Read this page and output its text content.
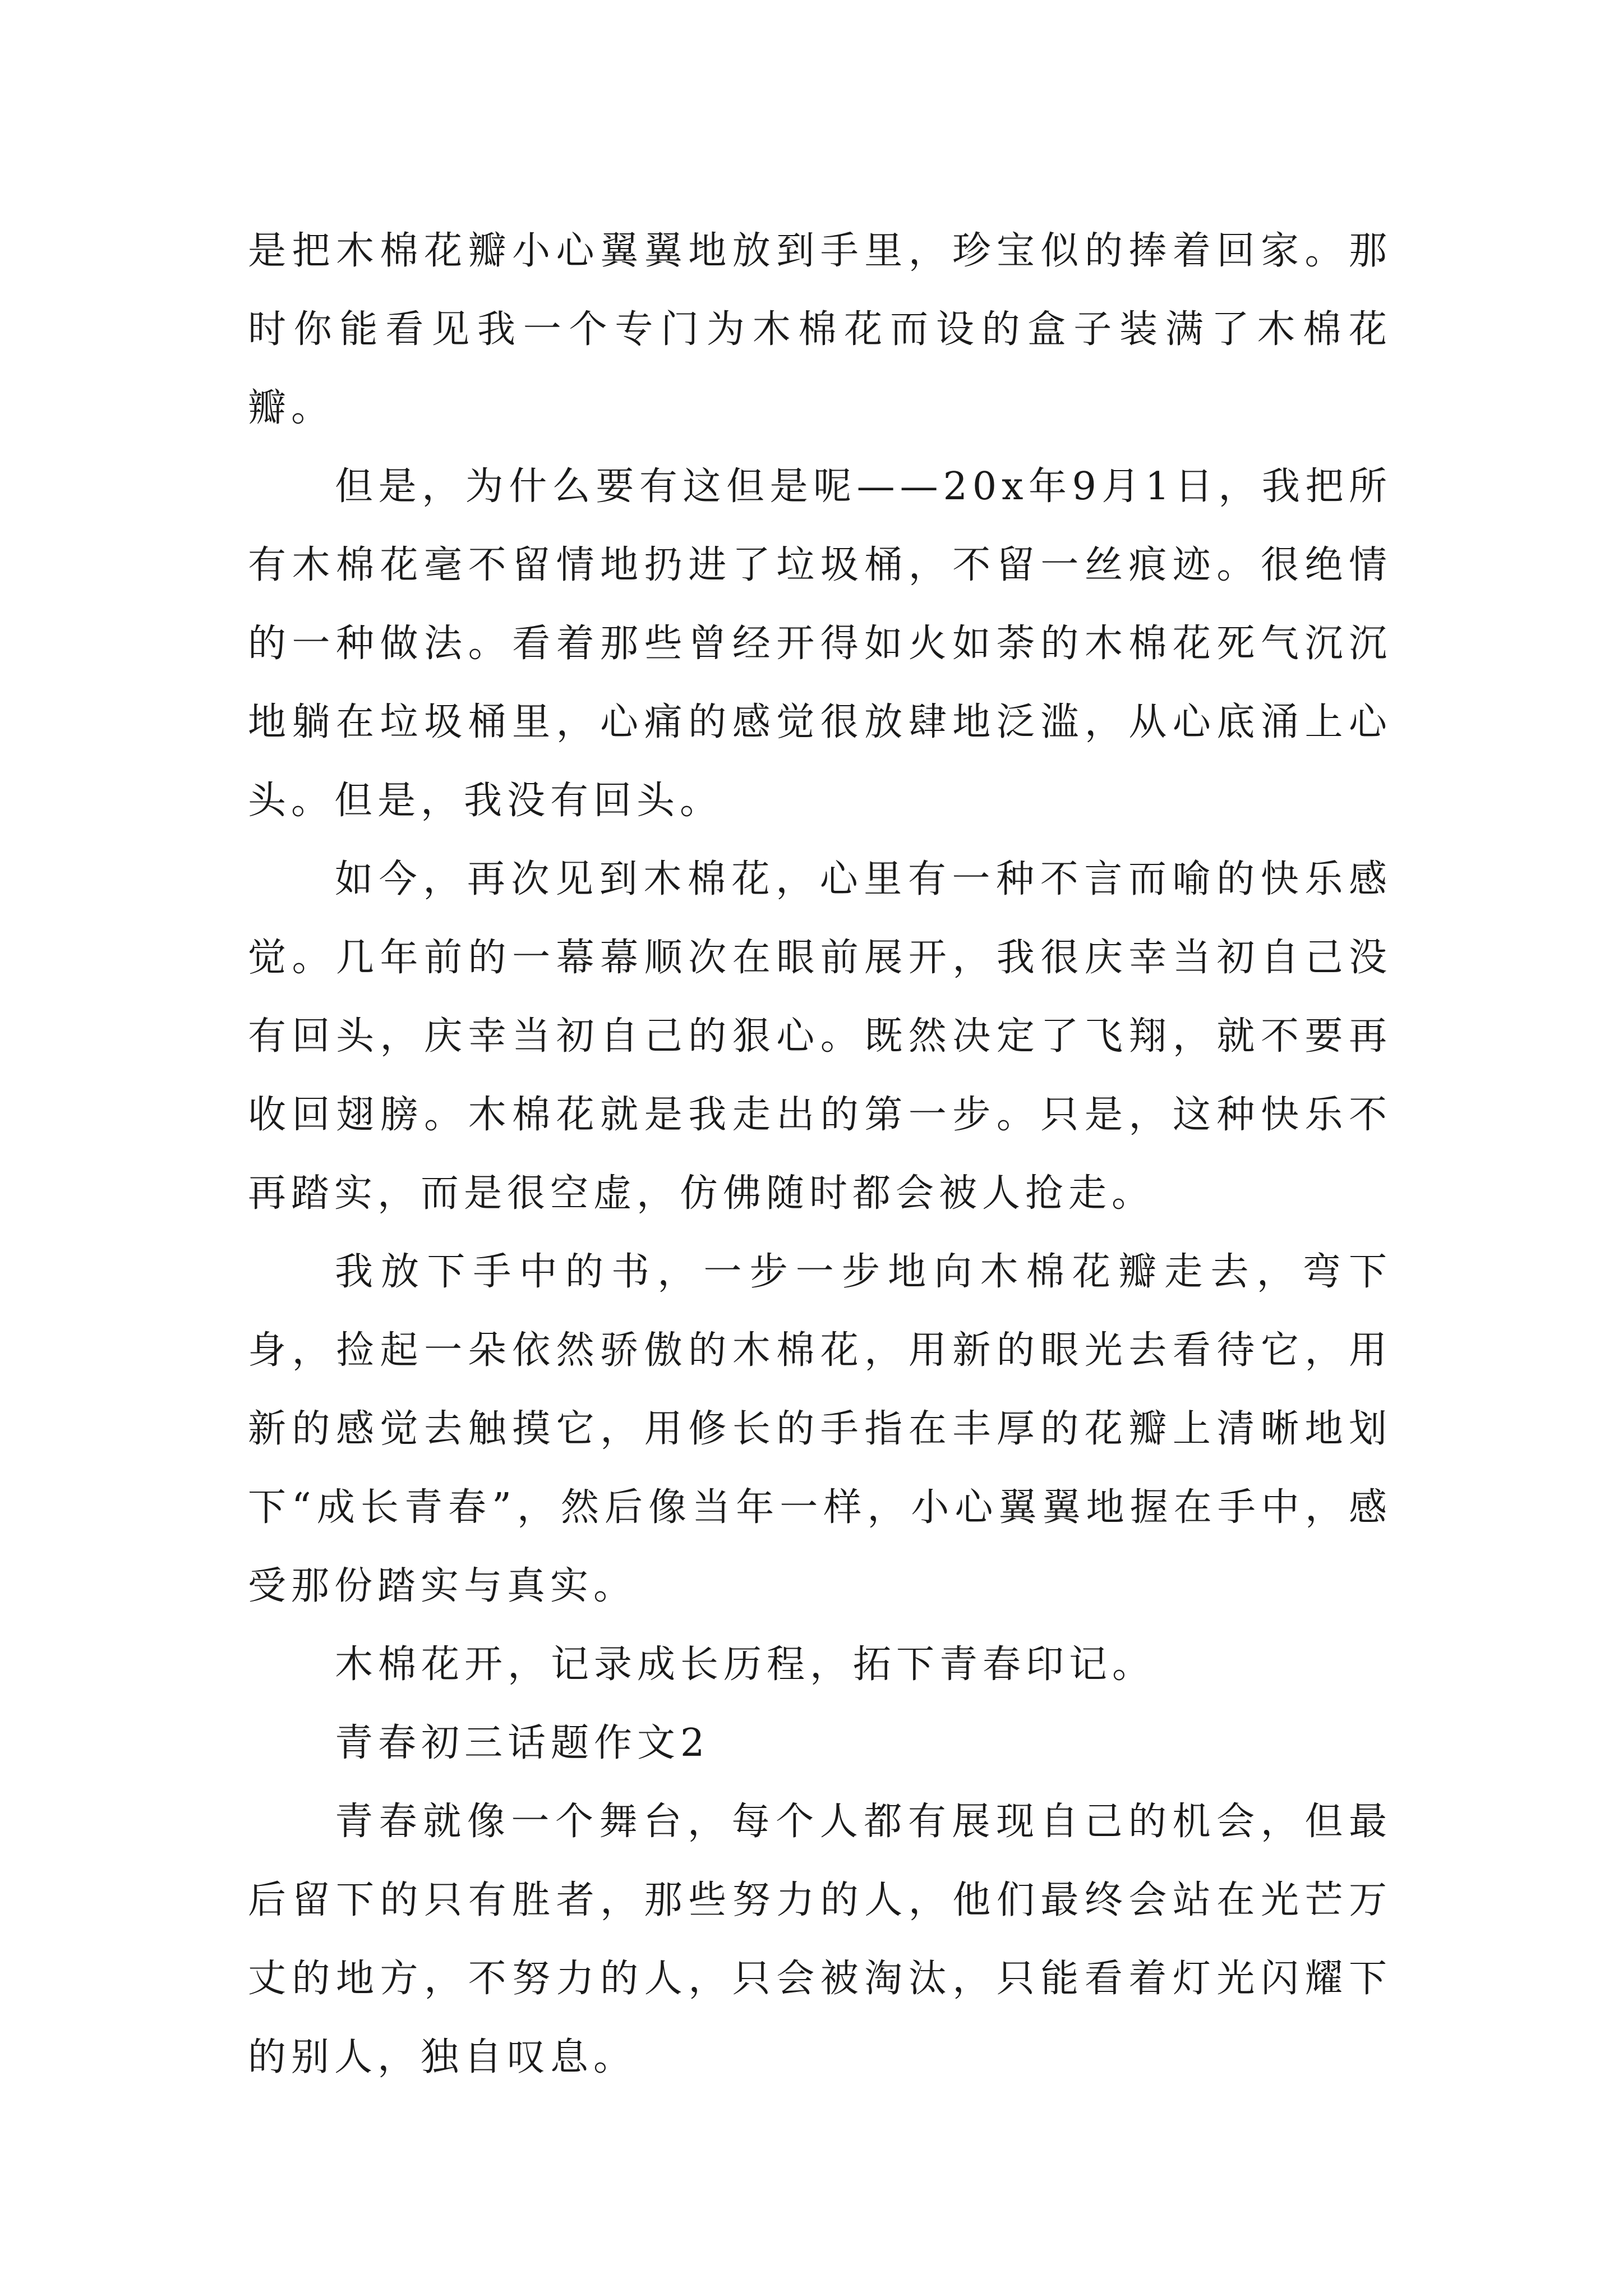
是把木棉花瓣小心翼翼地放到手里，珍宝似的捧着回家。那时你能看见我一个专门为木棉花而设的盒子装满了木棉花瓣。

但是，为什么要有这但是呢——20x年9月1日，我把所有木棉花毫不留情地扔进了垃圾桶，不留一丝痕迹。很绝情的一种做法。看着那些曾经开得如火如荼的木棉花死气沉沉地躺在垃圾桶里，心痛的感觉很放肆地泛滥，从心底涌上心头。但是，我没有回头。

如今，再次见到木棉花，心里有一种不言而喻的快乐感觉。几年前的一幕幕顺次在眼前展开，我很庆幸当初自己没有回头，庆幸当初自己的狠心。既然决定了飞翔，就不要再收回翅膀。木棉花就是我走出的第一步。只是，这种快乐不再踏实，而是很空虚，仿佛随时都会被人抢走。

我放下手中的书，一步一步地向木棉花瓣走去，弯下身，捡起一朵依然骄傲的木棉花，用新的眼光去看待它，用新的感觉去触摸它，用修长的手指在丰厚的花瓣上清晰地划下“成长青春”，然后像当年一样，小心翼翼地握在手中，感受那份踏实与真实。

木棉花开，记录成长历程，拓下青春印记。

青春初三话题作文2

青春就像一个舞台，每个人都有展现自己的机会，但最后留下的只有胜者，那些努力的人，他们最终会站在光芒万丈的地方，不努力的人，只会被淘汰，只能看着灯光闪耀下的别人，独自叹息。
